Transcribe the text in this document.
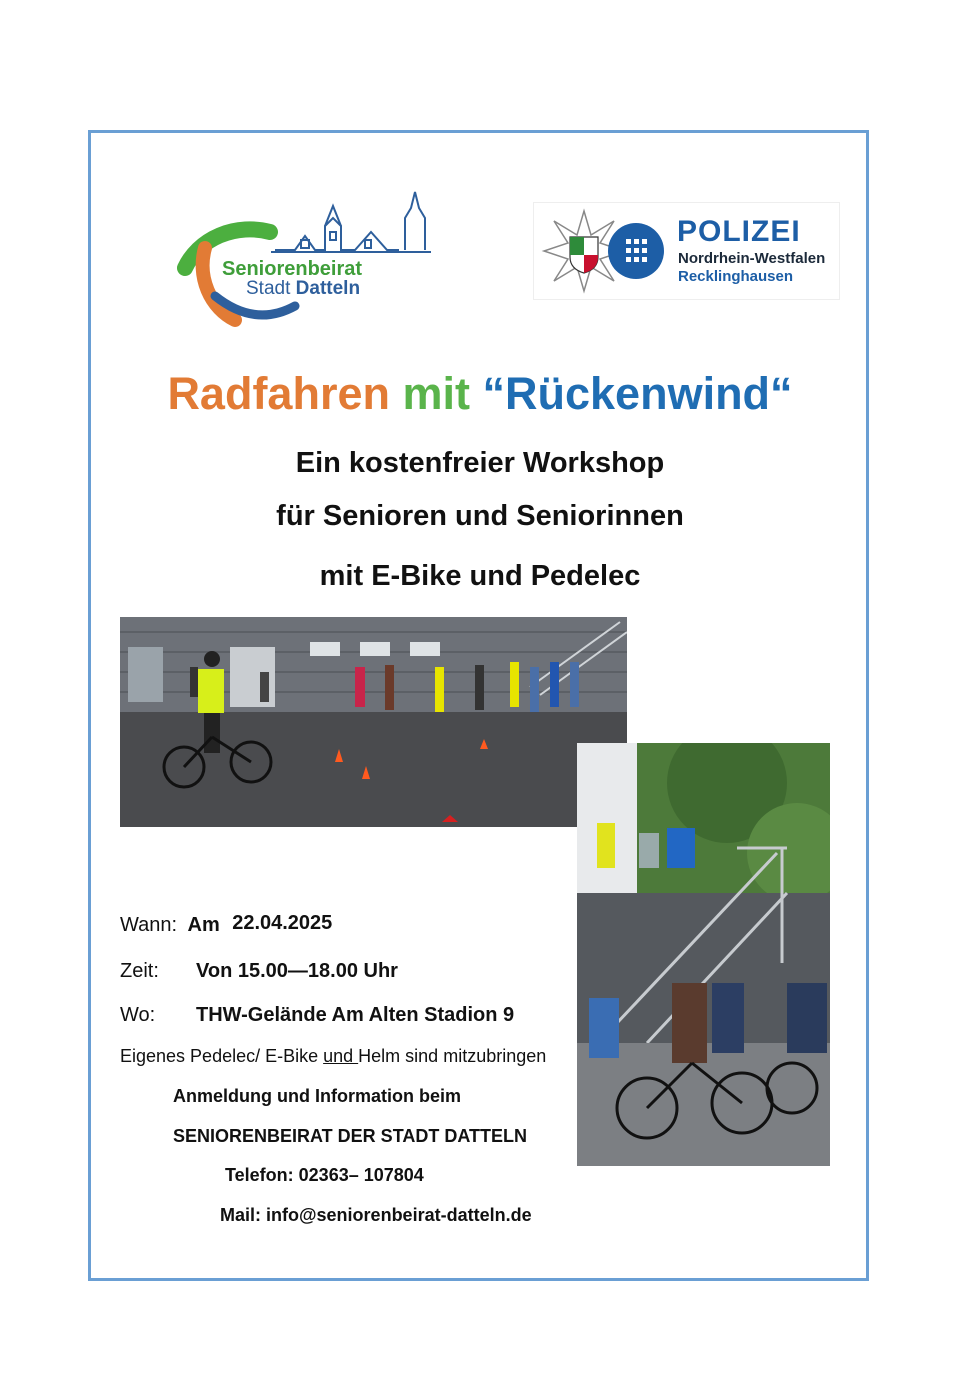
Seniorenbeirat
Stadt Datteln
POLIZEI
Nordrhein-Westfalen
Recklinghausen
Radfahren mit “Rückenwind“
Ein kostenfreier Workshop
für Senioren und Seniorinnen
mit E-Bike und Pedelec
Wann: Am 22.04.2025
Zeit: Von 15.00—18.00 Uhr
Wo: THW-Gelände Am Alten Stadion 9
Eigenes Pedelec/ E-Bike und Helm sind mitzubringen
Anmeldung und Information beim
SENIORENBEIRAT DER STADT DATTELN
Telefon: 02363– 107804
Mail: info@seniorenbeirat-datteln.de
